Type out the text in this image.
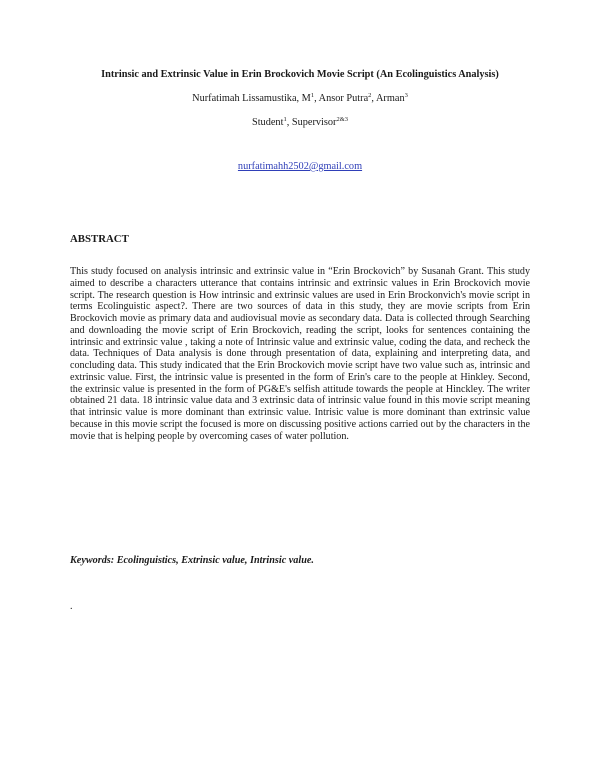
Intrinsic and Extrinsic Value in Erin Brockovich Movie Script (An Ecolinguistics Analysis)

Nurfatimah Lissamustika, $M^1$, Ansor Putra$^2$, Arman$^3$

Student$^1$, Supervisor$^{2\&3}$

nurfatimahh2502@gmail.com

ABSTRACT

This study focused on analysis intrinsic and extrinsic value in “Erin Brockovich” by Susanah Grant. This study aimed to describe a characters utterance that contains intrinsic and extrinsic values in Erin Brockovich movie script. The research question is How intrinsic and extrinsic values are used in Erin Brockonvich's movie script in terms Ecolinguistic aspect?. There are two sources of data in this study, they are movie scripts from Erin Brockovich movie as primary data and audiovisual movie as secondary data. Data is collected through Searching and downloading the movie script of Erin Brockovich, reading the script, looks for sentences containing the intrinsic and extrinsic value , taking a note of Intrinsic value and extrinsic value, coding the data, and recheck the data. Techniques of Data analysis is done through presentation of data, explaining and interpreting data, and concluding data. This study indicated that the Erin Brockovich movie script have two value such as, intrinsic and extrinsic value. First, the intrinsic value is presented in the form of Erin's care to the people at Hinkley. Second, the extrinsic value is presented in the form of PG&E's selfish attitude towards the people at Hinckley. The writer obtained 21 data. 18 intrinsic value data and 3 extrinsic data of intrinsic value found in this movie script meaning that intrinsic value is more dominant than extrinsic value. Intrisic value is more dominant than extrinsic value because in this movie script the focused is more on discussing positive actions carried out by the characters in the movie that is helping people by overcoming cases of water pollution.

Keywords: Ecolinguistics, Extrinsic value, Intrinsic value.

.
